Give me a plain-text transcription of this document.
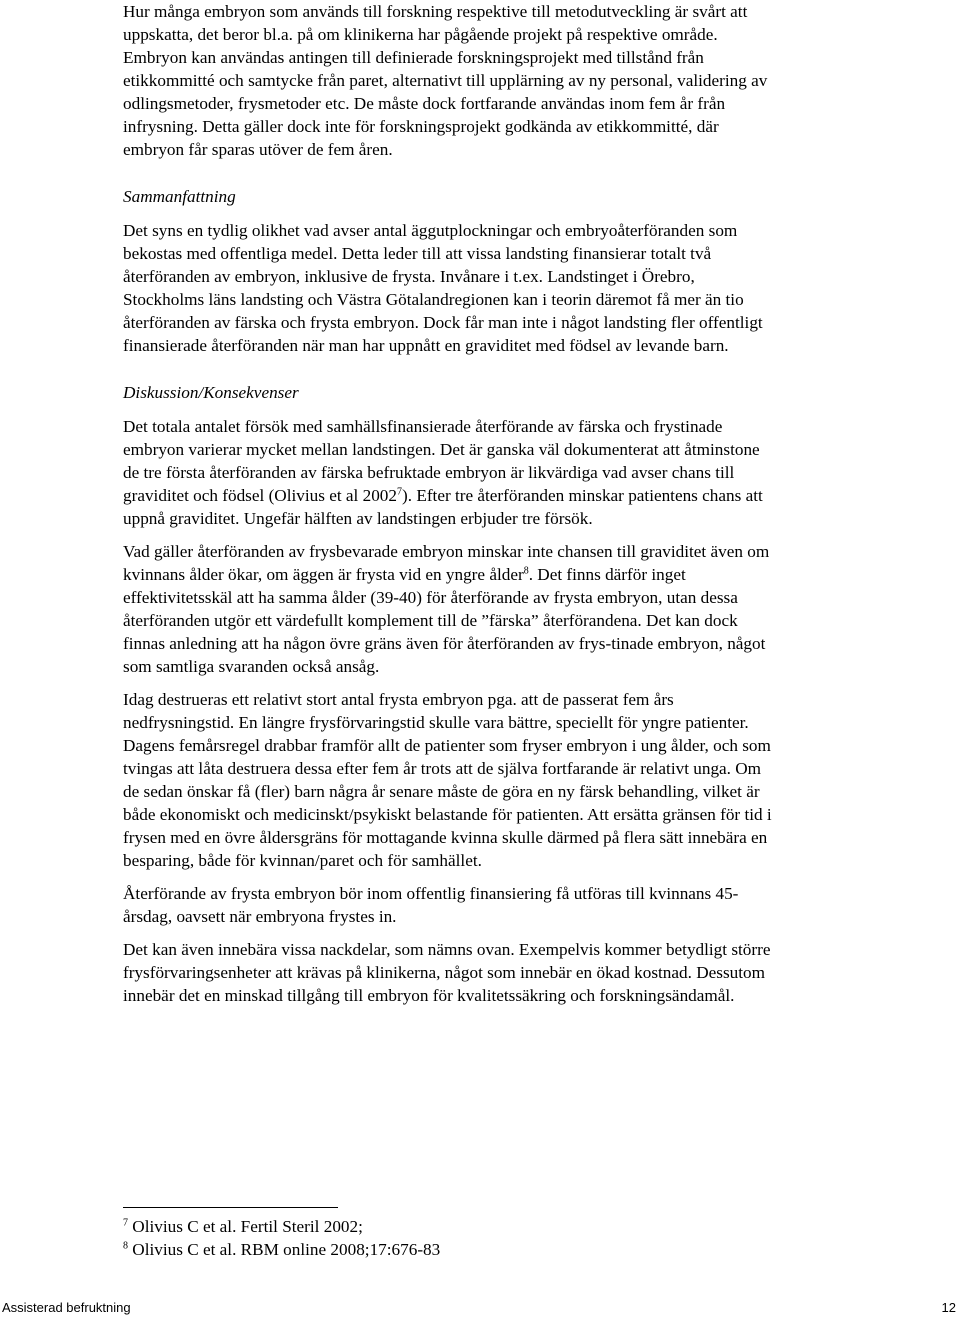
Hur många embryon som används till forskning respektive till metodutveckling är svårt att uppskatta, det beror bl.a. på om klinikerna har pågående projekt på respektive område. Embryon kan användas antingen till definierade forskningsprojekt med tillstånd från etikkommitté och samtycke från paret, alternativt till upplärning av ny personal, validering av odlingsmetoder, frysmetoder etc. De måste dock fortfarande användas inom fem år från infrysning. Detta gäller dock inte för forskningsprojekt godkända av etikkommitté, där embryon får sparas utöver de fem åren.

Sammanfattning

Det syns en tydlig olikhet vad avser antal äggutplockningar och embryoåterföranden som bekostas med offentliga medel. Detta leder till att vissa landsting finansierar totalt två återföranden av embryon, inklusive de frysta. Invånare i t.ex. Landstinget i Örebro, Stockholms läns landsting och Västra Götalandregionen kan i teorin däremot få mer än tio återföranden av färska och frysta embryon. Dock får man inte i något landsting fler offentligt finansierade återföranden när man har uppnått en graviditet med födsel av levande barn.

Diskussion/Konsekvenser

Det totala antalet försök med samhällsfinansierade återförande av färska och frystinade embryon varierar mycket mellan landstingen. Det är ganska väl dokumenterat att åtminstone de tre första återföranden av färska befruktade embryon är likvärdiga vad avser chans till graviditet och födsel (Olivius et al 2002$^7$). Efter tre återföranden minskar patientens chans att uppnå graviditet. Ungefär hälften av landstingen erbjuder tre försök.

Vad gäller återföranden av frysbevarade embryon minskar inte chansen till graviditet även om kvinnans ålder ökar, om äggen är frysta vid en yngre ålder$^8$. Det finns därför inget effektivitetsskäl att ha samma ålder (39-40) för återförande av frysta embryon, utan dessa återföranden utgör ett värdefullt komplement till de ”färska” återförandena. Det kan dock finnas anledning att ha någon övre gräns även för återföranden av frys-tinade embryon, något som samtliga svaranden också ansåg.

Idag destrueras ett relativt stort antal frysta embryon pga. att de passerat fem års nedfrysningstid. En längre frysförvaringstid skulle vara bättre, speciellt för yngre patienter. Dagens femårsregel drabbar framför allt de patienter som fryser embryon i ung ålder, och som tvingas att låta destruera dessa efter fem år trots att de själva fortfarande är relativt unga. Om de sedan önskar få (fler) barn några år senare måste de göra en ny färsk behandling, vilket är både ekonomiskt och medicinskt/psykiskt belastande för patienten. Att ersätta gränsen för tid i frysen med en övre åldersgräns för mottagande kvinna skulle därmed på flera sätt innebära en besparing, både för kvinnan/paret och för samhället.

Återförande av frysta embryon bör inom offentlig finansiering få utföras till kvinnans 45-årsdag, oavsett när embryona frystes in.

Det kan även innebära vissa nackdelar, som nämns ovan. Exempelvis kommer betydligt större frysförvaringsenheter att krävas på klinikerna, något som innebär en ökad kostnad. Dessutom innebär det en minskad tillgång till embryon för kvalitetssäkring och forskningsändamål.

$^7$ Olivius C et al. Fertil Steril 2002;

$^8$ Olivius C et al. RBM online 2008;17:676-83

Assisterad befruktning	12
